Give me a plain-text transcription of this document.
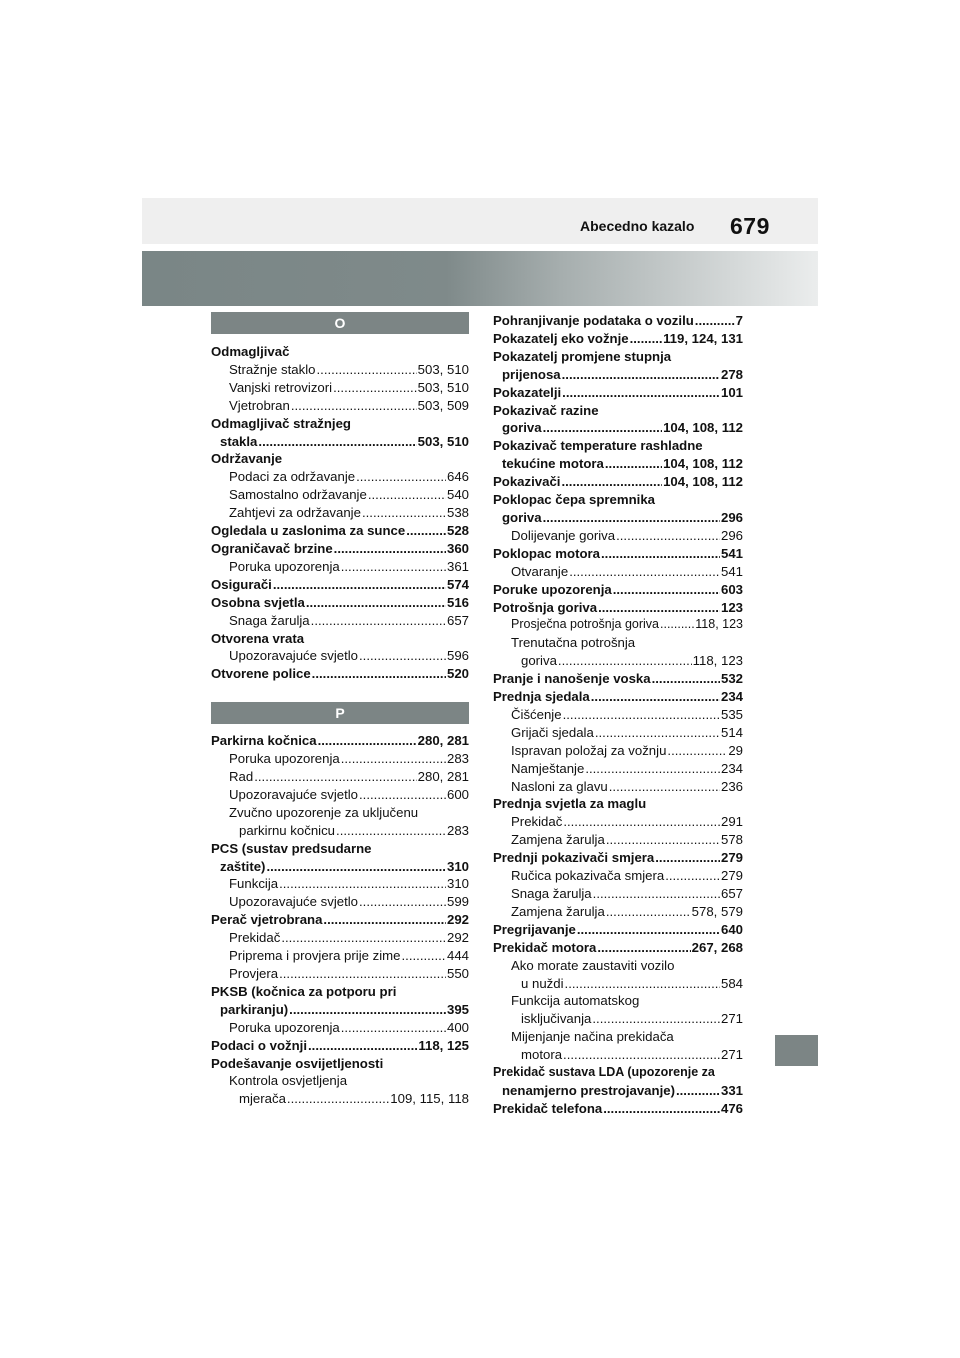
Abecedno kazalo 679
O
Odmagljivač
Stražnje staklo .....	503, 510
Vanjski retrovizori .....	503, 510
Vjetrobran .....	503, 509
Odmagljivač stražnjeg
stakla .....	503, 510
Održavanje
Podaci za održavanje .....	646
Samostalno održavanje .....	540
Zahtjevi za održavanje .....	538
Ogledala u zaslonima za sunce .....	528
Ograničavač brzine .....	360
Poruka upozorenja .....	361
Osigurači .....	574
Osobna svjetla .....	516
Snaga žarulja .....	657
Otvorena vrata
Upozoravajuće svjetlo .....	596
Otvorene police .....	520
P
Parkirna kočnica .....	280, 281
Poruka upozorenja .....	283
Rad .....	280, 281
Upozoravajuće svjetlo .....	600
Zvučno upozorenje za uključenu
parkirnu kočnicu .....	283
PCS (sustav predsudarne
zaštite) .....	310
Funkcija .....	310
Upozoravajuće svjetlo .....	599
Perač vjetrobrana .....	292
Prekidač .....	292
Priprema i provjera prije zime .....	444
Provjera .....	550
PKSB (kočnica za potporu pri
parkiranju) .....	395
Poruka upozorenja .....	400
Podaci o vožnji .....	118, 125
Podešavanje osvijetljenosti
Kontrola osvjetljenja
mjerača .....	109, 115, 118
Pohranjivanje podataka o vozilu .....	7
Pokazatelj eko vožnje .....	119, 124, 131
Pokazatelj promjene stupnja
prijenosa .....	278
Pokazatelji .....	101
Pokazivač razine
goriva .....	104, 108, 112
Pokazivač temperature rashladne
tekućine motora .....	104, 108, 112
Pokazivači .....	104, 108, 112
Poklopac čepa spremnika
goriva .....	296
Dolijevanje goriva .....	296
Poklopac motora .....	541
Otvaranje .....	541
Poruke upozorenja .....	603
Potrošnja goriva .....	123
Prosječna potrošnja goriva .....	118, 123
Trenutačna potrošnja
goriva .....	118, 123
Pranje i nanošenje voska .....	532
Prednja sjedala .....	234
Čišćenje .....	535
Grijači sjedala .....	514
Ispravan položaj za vožnju .....	29
Namještanje .....	234
Nasloni za glavu .....	236
Prednja svjetla za maglu
Prekidač .....	291
Zamjena žarulja .....	578
Prednji pokazivači smjera .....	279
Ručica pokazivača smjera .....	279
Snaga žarulja .....	657
Zamjena žarulja .....	578, 579
Pregrijavanje .....	640
Prekidač motora .....	267, 268
Ako morate zaustaviti vozilo
u nuždi .....	584
Funkcija automatskog
isključivanja .....	271
Mijenjanje načina prekidača
motora .....	271
Prekidač sustava LDA (upozorenje za
nenamjerno prestrojavanje) .....	331
Prekidač telefona .....	476
